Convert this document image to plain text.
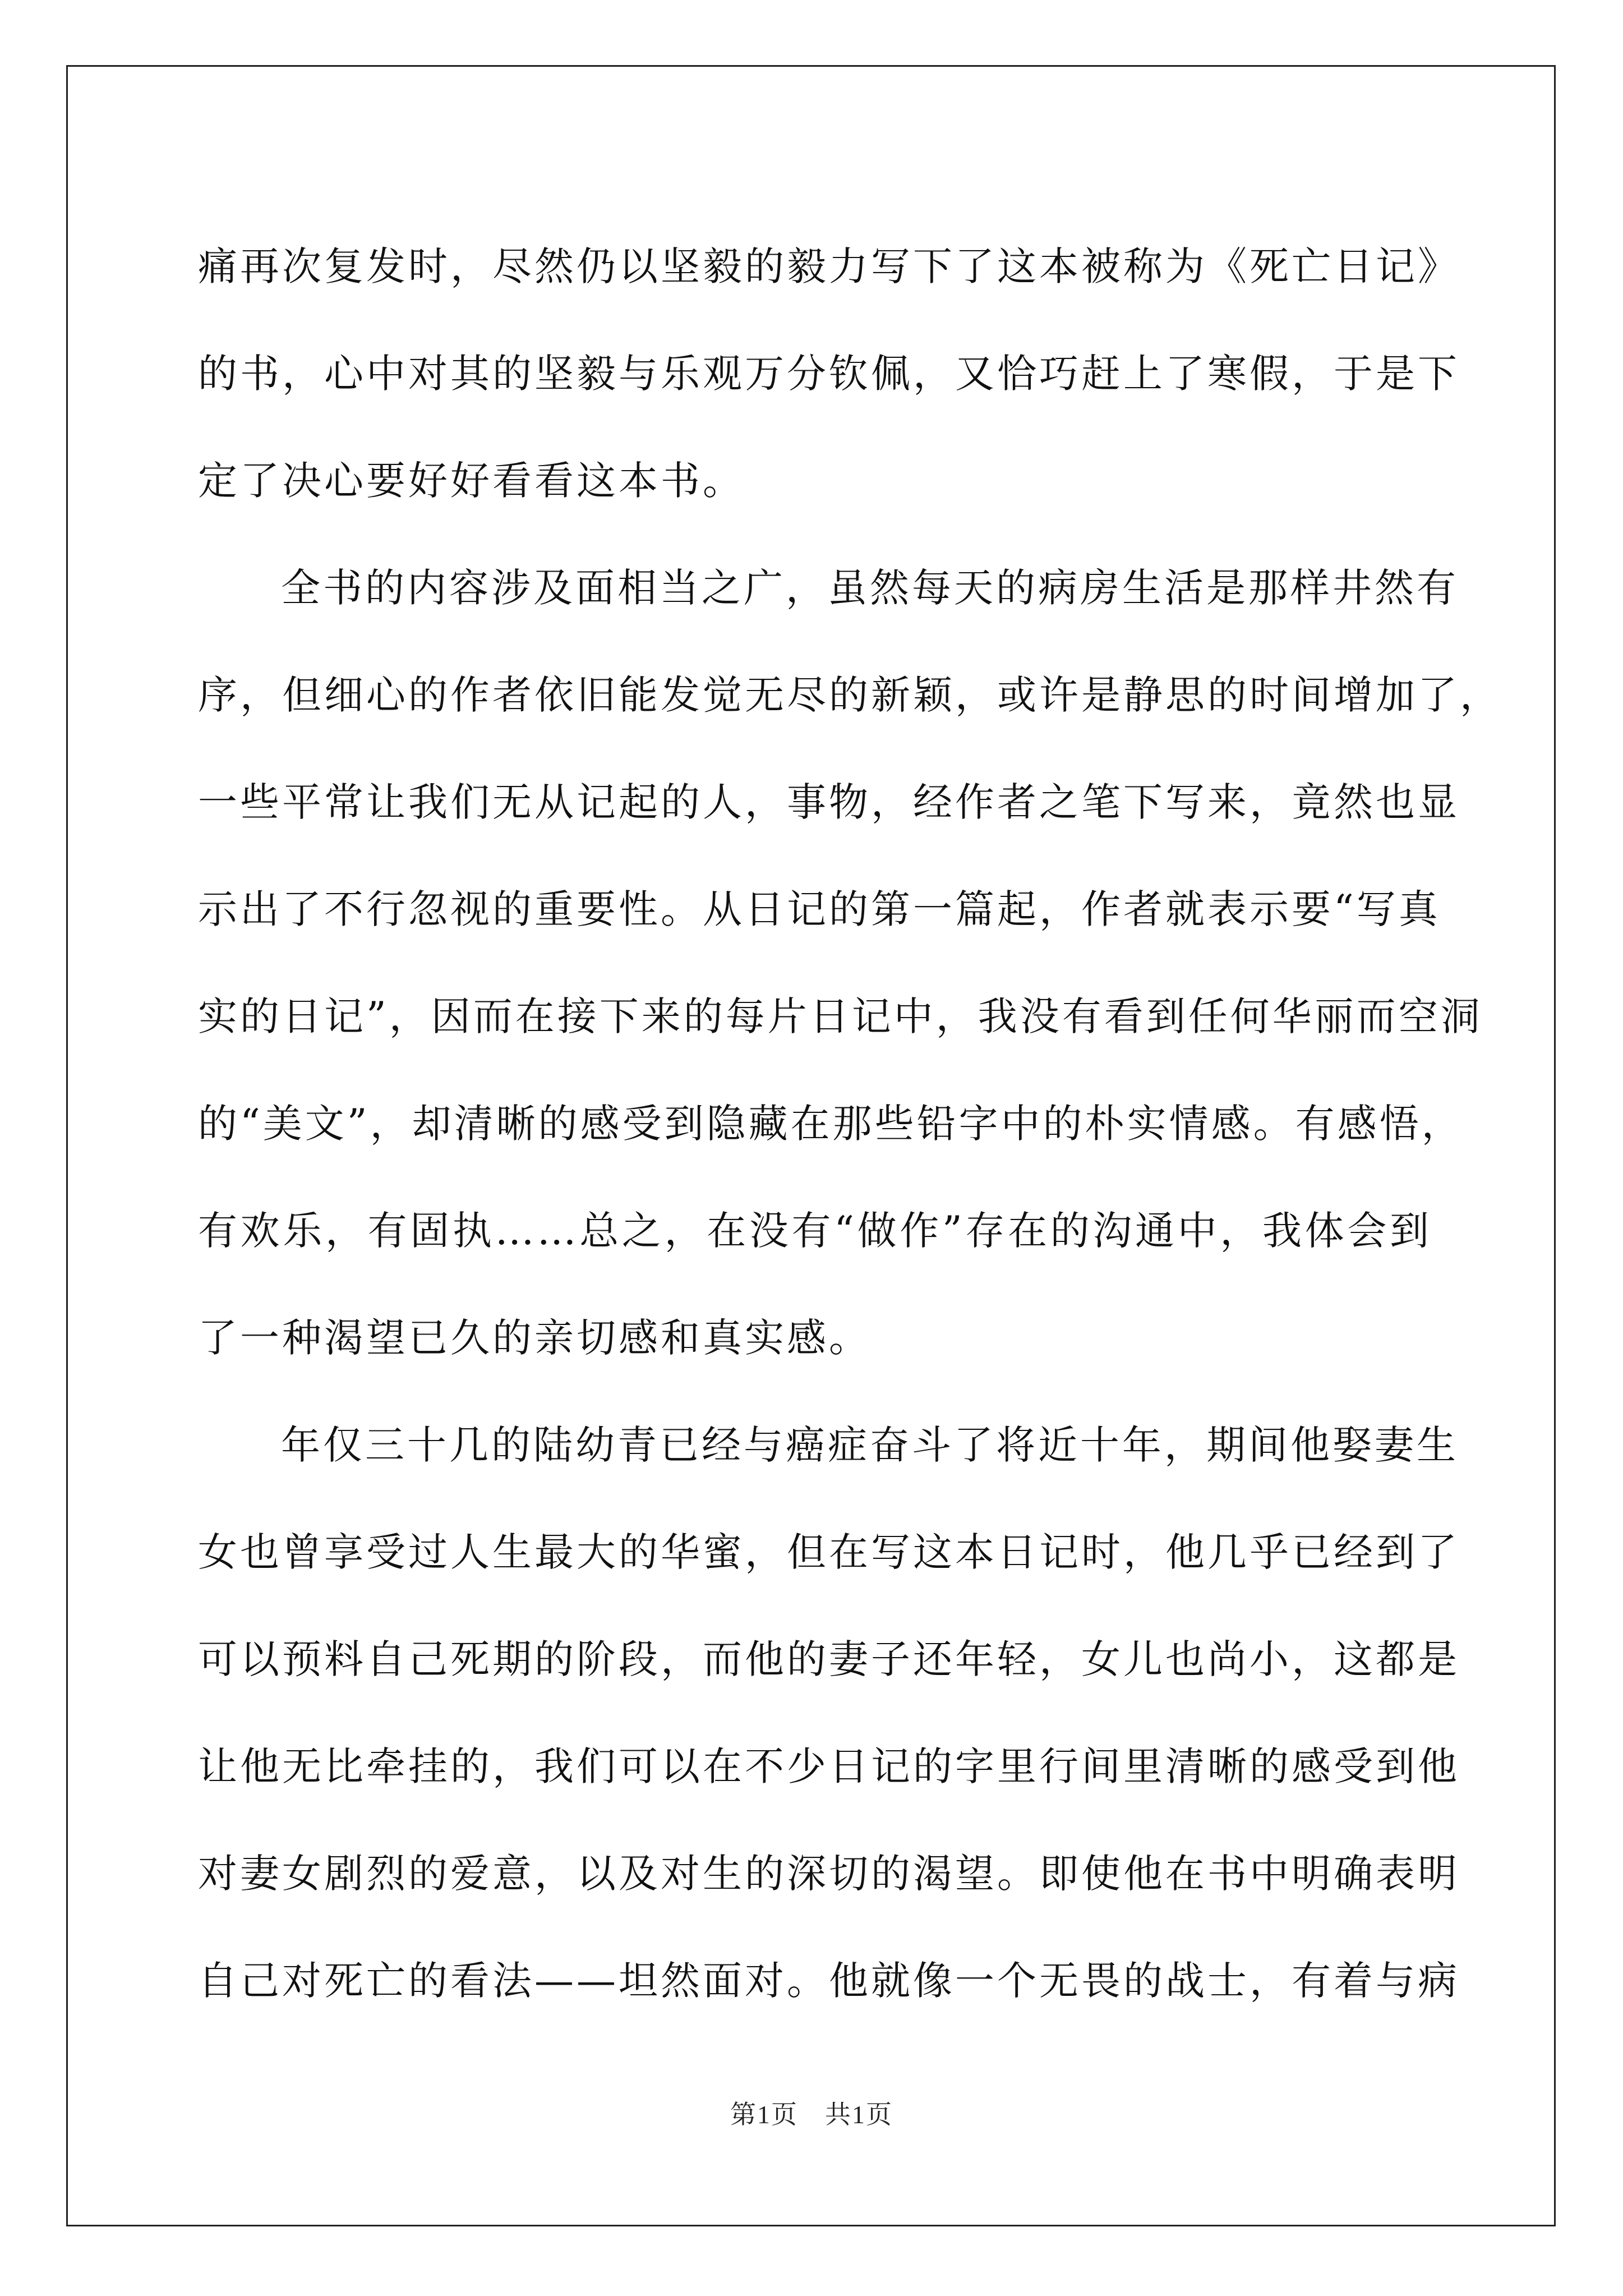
痛再次复发时，尽然仍以坚毅的毅力写下了这本被称为《死亡日记》
的书，心中对其的坚毅与乐观万分钦佩，又恰巧赶上了寒假，于是下
定了决心要好好看看这本书。
全书的内容涉及面相当之广，虽然每天的病房生活是那样井然有
序，但细心的作者依旧能发觉无尽的新颖，或许是静思的时间增加了，
一些平常让我们无从记起的人，事物，经作者之笔下写来，竟然也显
示出了不行忽视的重要性。从日记的第一篇起，作者就表示要“写真
实的日记”，因而在接下来的每片日记中，我没有看到任何华丽而空洞
的“美文”，却清晰的感受到隐藏在那些铅字中的朴实情感。有感悟，
有欢乐，有固执……总之，在没有“做作”存在的沟通中，我体会到
了一种渴望已久的亲切感和真实感。
年仅三十几的陆幼青已经与癌症奋斗了将近十年，期间他娶妻生
女也曾享受过人生最大的华蜜，但在写这本日记时，他几乎已经到了
可以预料自己死期的阶段，而他的妻子还年轻，女儿也尚小，这都是
让他无比牵挂的，我们可以在不少日记的字里行间里清晰的感受到他
对妻女剧烈的爱意，以及对生的深切的渴望。即使他在书中明确表明
自己对死亡的看法——坦然面对。他就像一个无畏的战士，有着与病
第1页　共1页
